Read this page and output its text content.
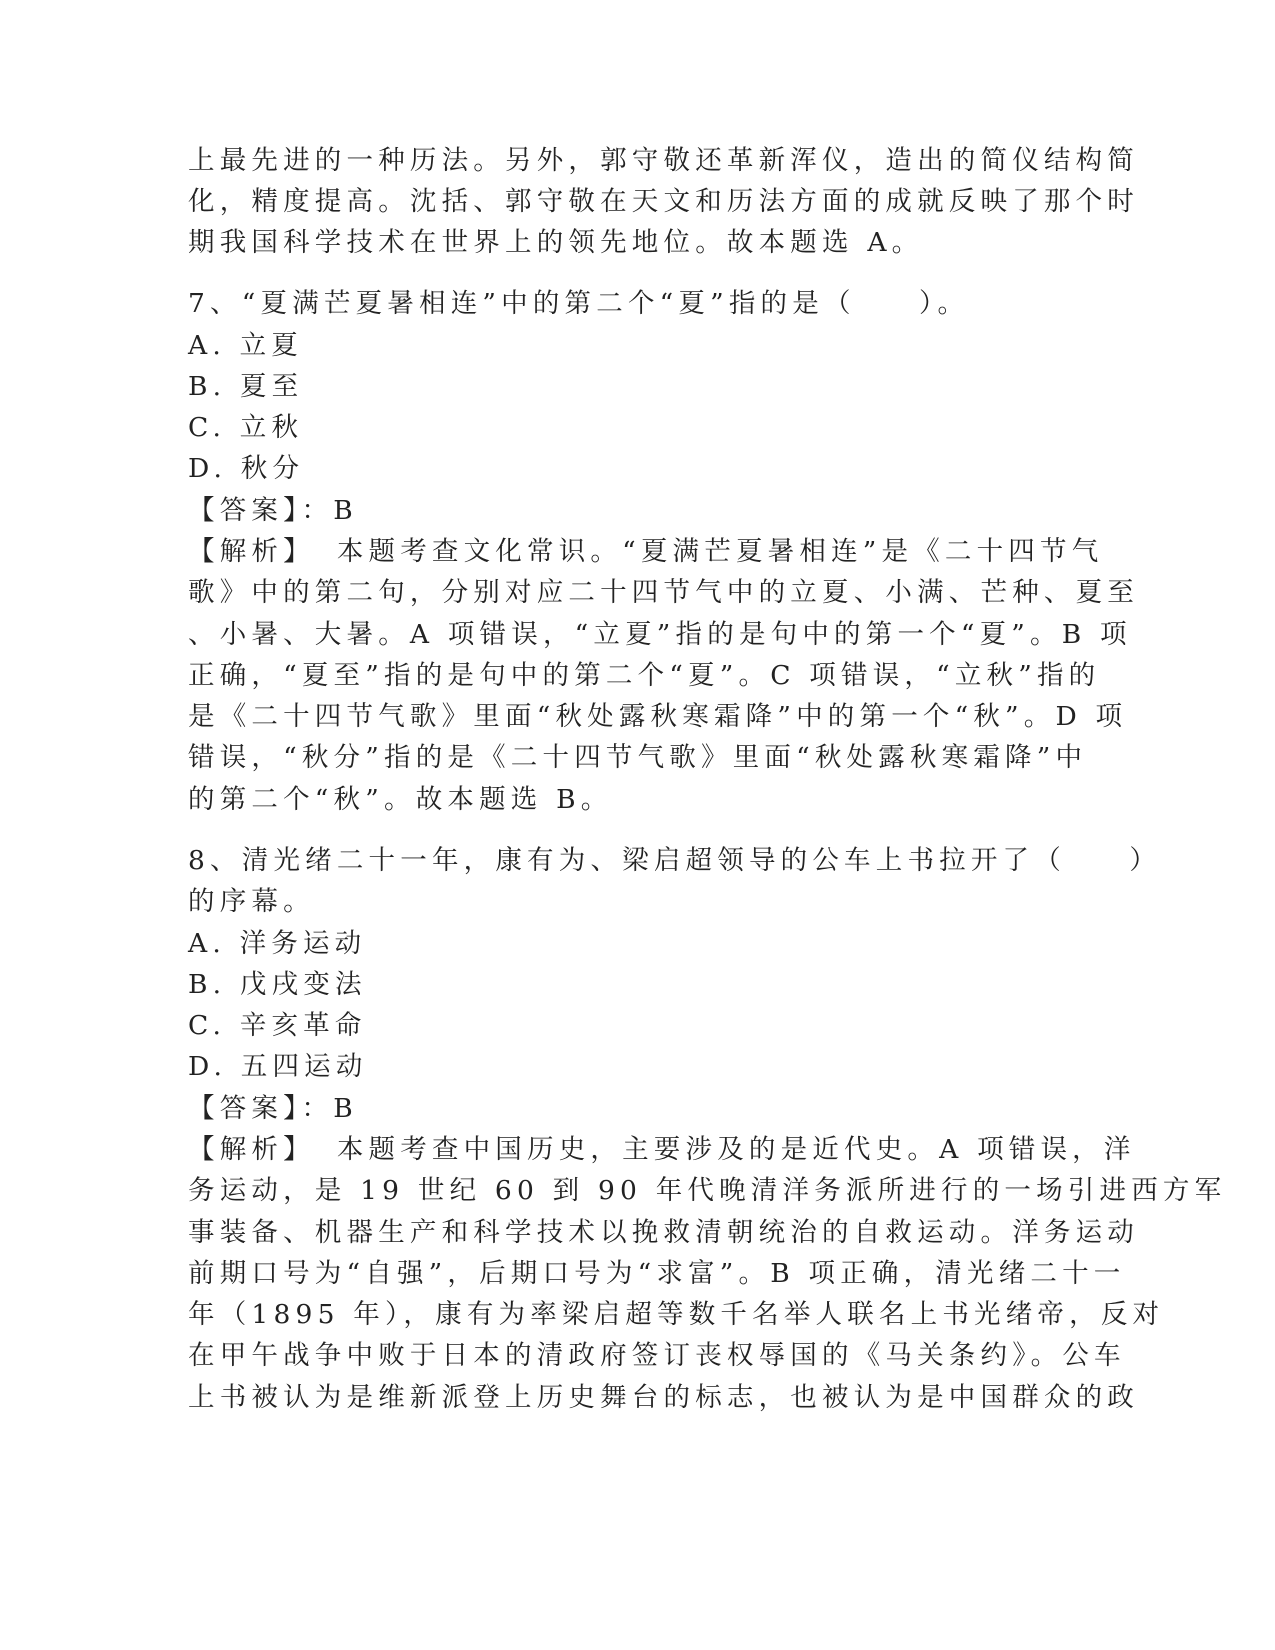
上最先进的一种历法。另外，郭守敬还革新浑仪，造出的简仪结构简
化，精度提高。沈括、郭守敬在天文和历法方面的成就反映了那个时
期我国科学技术在世界上的领先地位。故本题选 A。
7、“夏满芒夏暑相连”中的第二个“夏”指的是（　　）。
A. 立夏
B. 夏至
C. 立秋
D. 秋分
【答案】：B
【解析】 本题考查文化常识。“夏满芒夏暑相连”是《二十四节气
歌》中的第二句，分别对应二十四节气中的立夏、小满、芒种、夏至
、小暑、大暑。A 项错误，“立夏”指的是句中的第一个“夏”。B 项
正确，“夏至”指的是句中的第二个“夏”。C 项错误，“立秋”指的
是《二十四节气歌》里面“秋处露秋寒霜降”中的第一个“秋”。D 项
错误，“秋分”指的是《二十四节气歌》里面“秋处露秋寒霜降”中
的第二个“秋”。故本题选 B。
8、清光绪二十一年，康有为、梁启超领导的公车上书拉开了（　　）
的序幕。
A. 洋务运动
B. 戊戌变法
C. 辛亥革命
D. 五四运动
【答案】：B
【解析】 本题考查中国历史，主要涉及的是近代史。A 项错误，洋
务运动，是 19 世纪 60 到 90 年代晚清洋务派所进行的一场引进西方军
事装备、机器生产和科学技术以挽救清朝统治的自救运动。洋务运动
前期口号为“自强”，后期口号为“求富”。B 项正确，清光绪二十一
年（1895 年），康有为率梁启超等数千名举人联名上书光绪帝，反对
在甲午战争中败于日本的清政府签订丧权辱国的《马关条约》。公车
上书被认为是维新派登上历史舞台的标志，也被认为是中国群众的政
